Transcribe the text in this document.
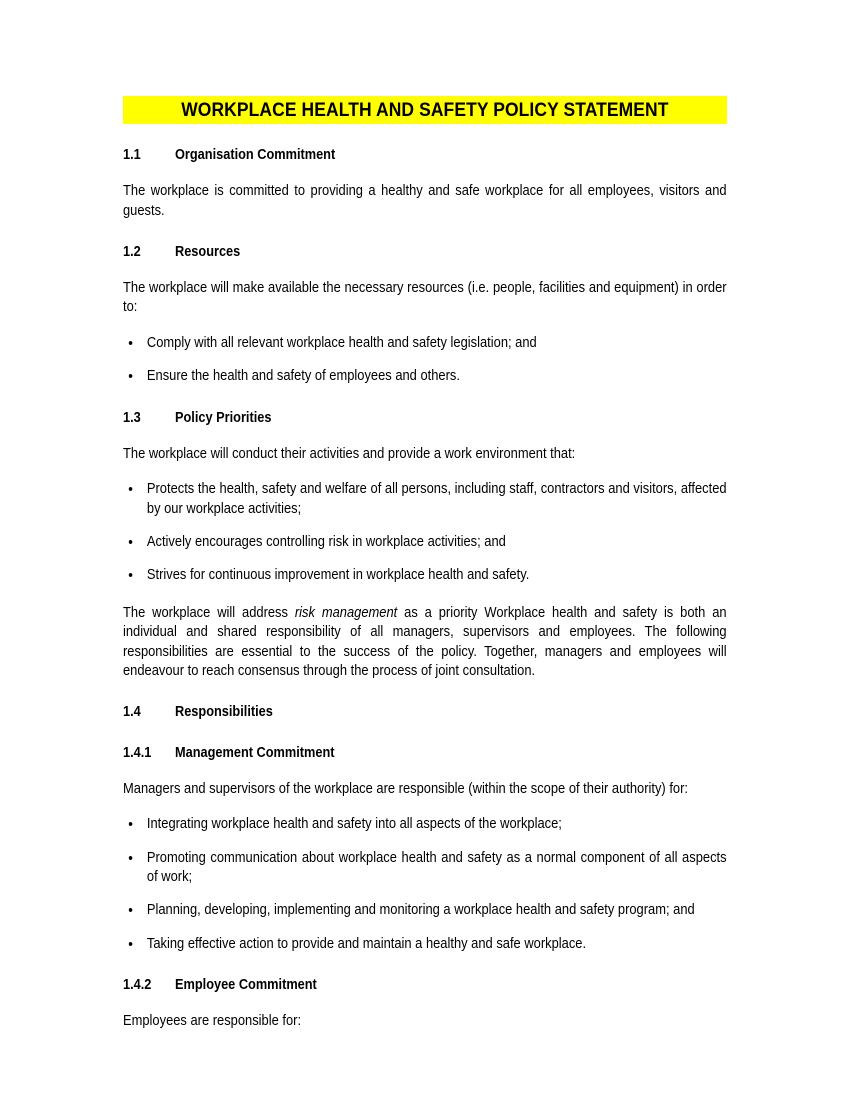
WORKPLACE HEALTH AND SAFETY POLICY STATEMENT
1.1	Organisation Commitment

The workplace is committed to providing a healthy and safe workplace for all employees, visitors and guests.

1.2	Resources

The workplace will make available the necessary resources (i.e. people, facilities and equipment) in order to:

• Comply with all relevant workplace health and safety legislation; and
• Ensure the health and safety of employees and others.
1.3	Policy Priorities

The workplace will conduct their activities and provide a work environment that:

• Protects the health, safety and welfare of all persons, including staff, contractors and visitors, affected by our workplace activities;
• Actively encourages controlling risk in workplace activities; and
• Strives for continuous improvement in workplace health and safety.

The workplace will address risk management as a priority Workplace health and safety is both an individual and shared responsibility of all managers, supervisors and employees. The following responsibilities are essential to the success of the policy. Together, managers and employees will endeavour to reach consensus through the process of joint consultation.

1.4	Responsibilities
1.4.1	Management Commitment

Managers and supervisors of the workplace are responsible (within the scope of their authority) for:

• Integrating workplace health and safety into all aspects of the workplace;
• Promoting communication about workplace health and safety as a normal component of all aspects of work;
• Planning, developing, implementing and monitoring a workplace health and safety program; and
• Taking effective action to provide and maintain a healthy and safe workplace.
1.4.2	Employee Commitment

Employees are responsible for:
